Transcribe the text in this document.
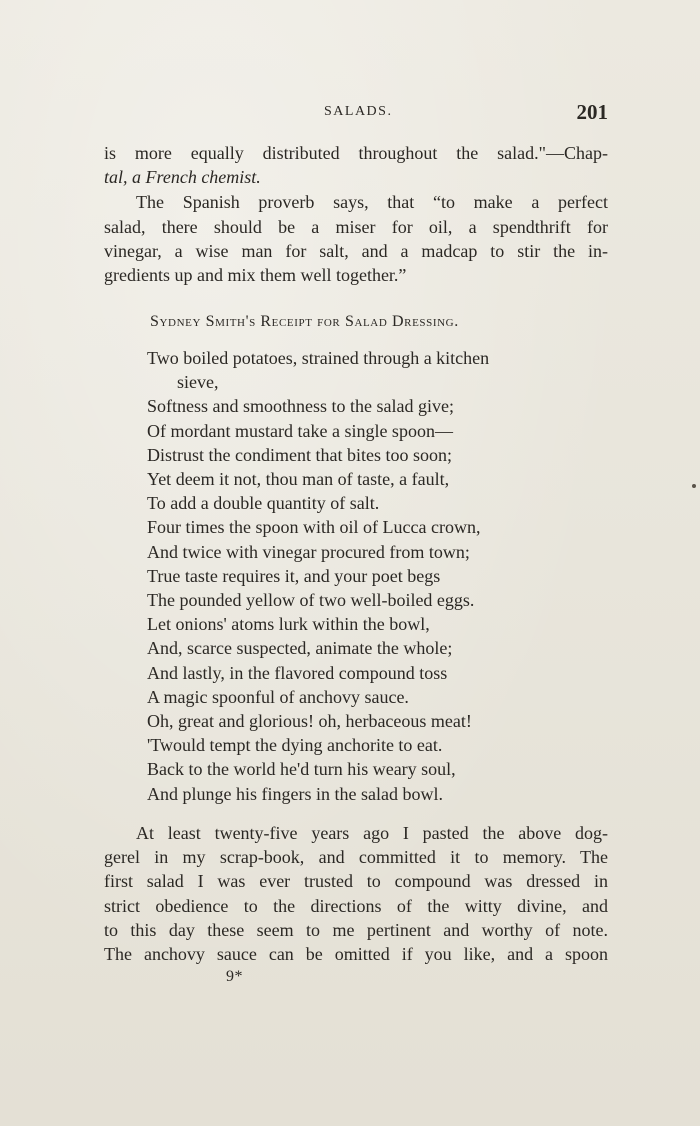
SALADS.	201
is more equally distributed throughout the salad."—Chap-
tal, a French chemist.
The Spanish proverb says, that “to make a perfect
salad, there should be a miser for oil, a spendthrift for
vinegar, a wise man for salt, and a madcap to stir the in-
gredients up and mix them well together.”
Sydney Smith's Receipt for Salad Dressing.
Two boiled potatoes, strained through a kitchen
sieve,
Softness and smoothness to the salad give;
Of mordant mustard take a single spoon—
Distrust the condiment that bites too soon;
Yet deem it not, thou man of taste, a fault,
To add a double quantity of salt.
Four times the spoon with oil of Lucca crown,
And twice with vinegar procured from town;
True taste requires it, and your poet begs
The pounded yellow of two well-boiled eggs.
Let onions' atoms lurk within the bowl,
And, scarce suspected, animate the whole;
And lastly, in the flavored compound toss
A magic spoonful of anchovy sauce.
Oh, great and glorious! oh, herbaceous meat!
'Twould tempt the dying anchorite to eat.
Back to the world he'd turn his weary soul,
And plunge his fingers in the salad bowl.
At least twenty-five years ago I pasted the above dog-
gerel in my scrap-book, and committed it to memory. The
first salad I was ever trusted to compound was dressed in
strict obedience to the directions of the witty divine, and
to this day these seem to me pertinent and worthy of note.
The anchovy sauce can be omitted if you like, and a spoon
9*
